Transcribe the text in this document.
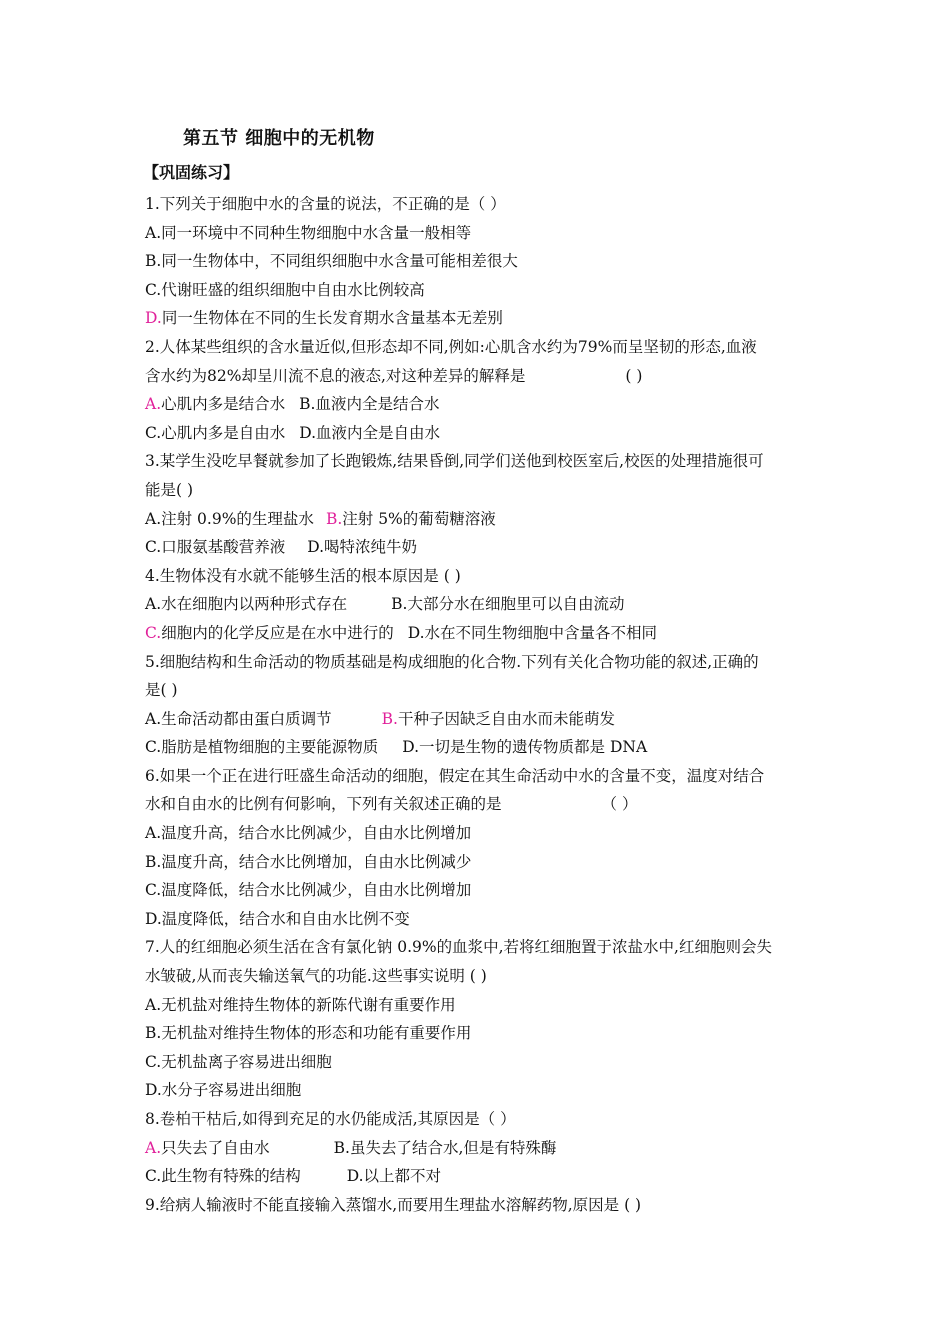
第五节 细胞中的无机物
【巩固练习】
1.下列关于细胞中水的含量的说法，不正确的是（ ）
A.同一环境中不同种生物细胞中水含量一般相等
B.同一生物体中，不同组织细胞中水含量可能相差很大
C.代谢旺盛的组织细胞中自由水比例较高
D.同一生物体在不同的生长发育期水含量基本无差别
2.人体某些组织的含水量近似,但形态却不同,例如:心肌含水约为79%而呈坚韧的形态,血液
含水约为82%却呈川流不息的液态,对这种差异的解释是	( )
A.心肌内多是结合水 B.血液内全是结合水
C.心肌内多是自由水 D.血液内全是自由水
3.某学生没吃早餐就参加了长跑锻炼,结果昏倒,同学们送他到校医室后,校医的处理措施很可
能是( )
A.注射 0.9%的生理盐水 B.注射 5%的葡萄糖溶液
C.口服氨基酸营养液 D.喝特浓纯牛奶
4.生物体没有水就不能够生活的根本原因是 ( )
A.水在细胞内以两种形式存在	B.大部分水在细胞里可以自由流动
C.细胞内的化学反应是在水中进行的 D.水在不同生物细胞中含量各不相同
5.细胞结构和生命活动的物质基础是构成细胞的化合物.下列有关化合物功能的叙述,正确的
是( )
A.生命活动都由蛋白质调节	B.干种子因缺乏自由水而未能萌发
C.脂肪是植物细胞的主要能源物质 D.一切是生物的遗传物质都是 DNA
6.如果一个正在进行旺盛生命活动的细胞，假定在其生命活动中水的含量不变，温度对结合
水和自由水的比例有何影响，下列有关叙述正确的是	（ ）
A.温度升高，结合水比例减少，自由水比例增加
B.温度升高，结合水比例增加，自由水比例减少
C.温度降低，结合水比例减少，自由水比例增加
D.温度降低，结合水和自由水比例不变
7.人的红细胞必须生活在含有氯化钠 0.9%的血浆中,若将红细胞置于浓盐水中,红细胞则会失
水皱破,从而丧失输送氧气的功能.这些事实说明 ( )
A.无机盐对维持生物体的新陈代谢有重要作用
B.无机盐对维持生物体的形态和功能有重要作用
C.无机盐离子容易进出细胞
D.水分子容易进出细胞
8.卷柏干枯后,如得到充足的水仍能成活,其原因是（ ）
A.只失去了自由水	B.虽失去了结合水,但是有特殊酶
C.此生物有特殊的结构	D.以上都不对
9.给病人输液时不能直接输入蒸馏水,而要用生理盐水溶解药物,原因是 ( )
